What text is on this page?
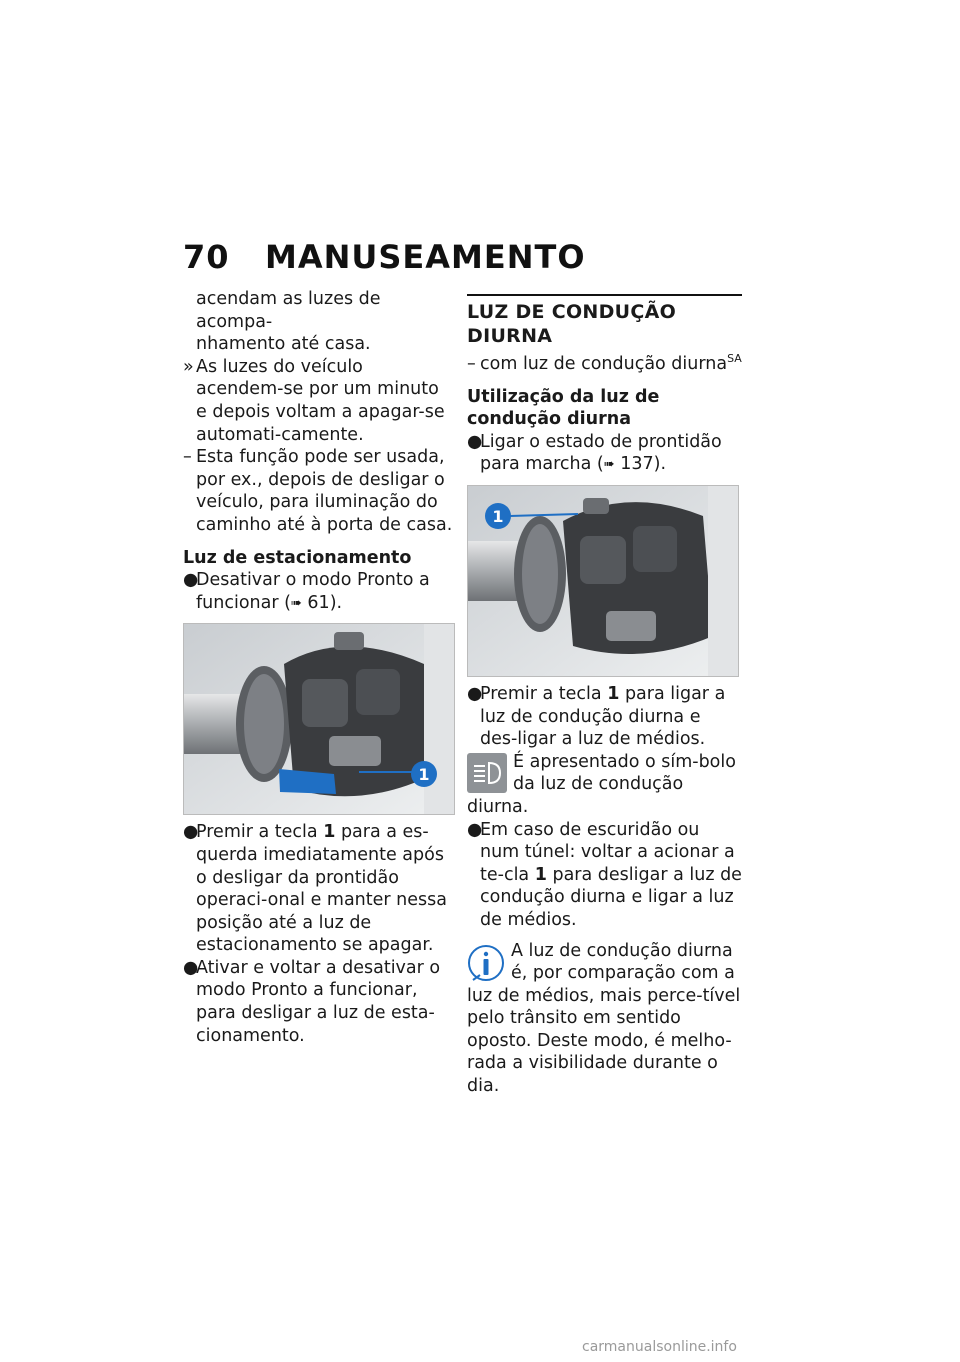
70 MANUSEAMENTO

acendam as luzes de acompa-
nhamento até casa.

» As luzes do veículo acendem-se por um minuto e depois voltam a apagar-se automati-camente.

– Esta função pode ser usada, por ex., depois de desligar o veículo, para iluminação do caminho até à porta de casa.

Luz de estacionamento

●
Desativar o modo Pronto a funcionar (➠ 61).

1

●
Premir a tecla 1 para a es-querda imediatamente após o desligar da prontidão operaci-onal e manter nessa posição até a luz de estacionamento se apagar.

●
Ativar e voltar a desativar o modo Pronto a funcionar, para desligar a luz de esta-cionamento.

LUZ DE CONDUÇÃO DIURNA

– com luz de condução diurna$^{SA}$

Utilização da luz de condução diurna

●
Ligar o estado de prontidão para marcha (➠ 137).

1

●
Premir a tecla 1 para ligar a luz de condução diurna e des-ligar a luz de médios.

É apresentado o sím-bolo da luz de condução diurna.

●
Em caso de escuridão ou num túnel: voltar a acionar a te-cla 1 para desligar a luz de condução diurna e ligar a luz de médios.

A luz de condução diurna é, por comparação com a luz de médios, mais perce-tível pelo trânsito em sentido oposto. Deste modo, é melho-rada a visibilidade durante o dia.

carmanualsonline.info
